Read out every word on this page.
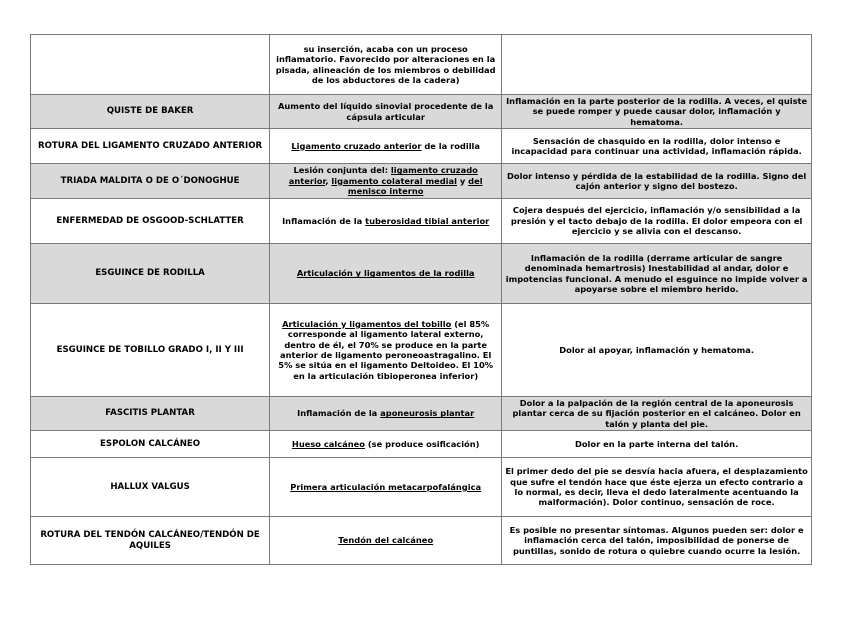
	su inserción, acaba con un proceso inflamatorio. Favorecido por alteraciones en la pisada, alineación de los miembros o debilidad de los abductores de la cadera)	
QUISTE DE BAKER	Aumento del líquido sinovial procedente de la cápsula articular	Inflamación en la parte posterior de la rodilla. A veces, el quiste se puede romper y puede causar dolor, inflamación y hematoma.
ROTURA DEL LIGAMENTO CRUZADO ANTERIOR	Ligamento cruzado anterior de la rodilla	Sensación de chasquido en la rodilla, dolor intenso e incapacidad para continuar una actividad, inflamación rápida.
TRIADA MALDITA O DE O´DONOGHUE	Lesión conjunta del: ligamento cruzado anterior, ligamento colateral medial y del menisco interno	Dolor intenso y pérdida de la estabilidad de la rodilla. Signo del cajón anterior y signo del bostezo.
ENFERMEDAD DE OSGOOD-SCHLATTER	Inflamación de la tuberosidad tibial anterior	Cojera después del ejercicio, inflamación y/o sensibilidad a la presión y el tacto debajo de la rodilla. El dolor empeora con el ejercicio y se alivia con el descanso.
ESGUINCE DE RODILLA	Articulación y ligamentos de la rodilla	Inflamación de la rodilla (derrame articular de sangre denominada hemartrosis) Inestabilidad al andar, dolor e impotencias funcional. A menudo el esguince no impide volver a apoyarse sobre el miembro herido.
ESGUINCE DE TOBILLO GRADO I, II Y III	Articulación y ligamentos del tobillo (el 85% corresponde al ligamento lateral externo, dentro de él, el 70% se produce en la parte anterior de ligamento peroneoastragalino. El 5% se sitúa en el ligamento Deltoideo. El 10% en la articulación tibioperonea inferior)	Dolor al apoyar, inflamación y hematoma.
FASCITIS PLANTAR	Inflamación de la aponeurosis plantar	Dolor a la palpación de la región central de la aponeurosis plantar cerca de su fijación posterior en el calcáneo. Dolor en talón y planta del pie.
ESPOLON CALCÁNEO	Hueso calcáneo (se produce osificación)	Dolor en la parte interna del talón.
HALLUX VALGUS	Primera articulación metacarpofalángica	El primer dedo del pie se desvía hacia afuera, el desplazamiento que sufre el tendón hace que éste ejerza un efecto contrario a lo normal, es decir, lleva el dedo lateralmente acentuando la malformación). Dolor continuo, sensación de roce.
ROTURA DEL TENDÓN CALCÁNEO/TENDÓN DE AQUILES	Tendón del calcáneo	Es posible no presentar síntomas. Algunos pueden ser: dolor e inflamación cerca del talón, imposibilidad de ponerse de puntillas, sonido de rotura o quiebre cuando ocurre la lesión.
